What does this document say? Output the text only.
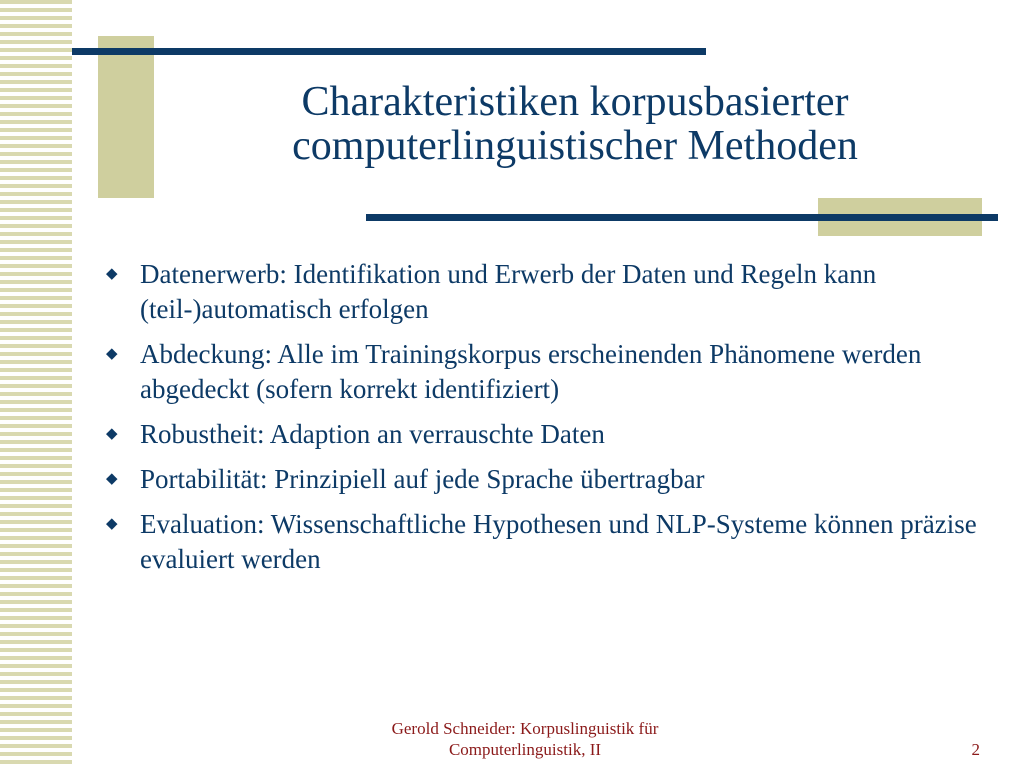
Charakteristiken korpusbasierter
computerlinguistischer Methoden
◆ Datenerwerb: Identifikation und Erwerb der Daten und Regeln kann (teil-)automatisch erfolgen
◆ Abdeckung: Alle im Trainingskorpus erscheinenden Phänomene werden abgedeckt (sofern korrekt identifiziert)
◆ Robustheit: Adaption an verrauschte Daten
◆ Portabilität: Prinzipiell auf jede Sprache übertragbar
◆ Evaluation: Wissenschaftliche Hypothesen und NLP-Systeme können präzise evaluiert werden
Gerold Schneider: Korpuslinguistik für
Computerlinguistik, II	2
